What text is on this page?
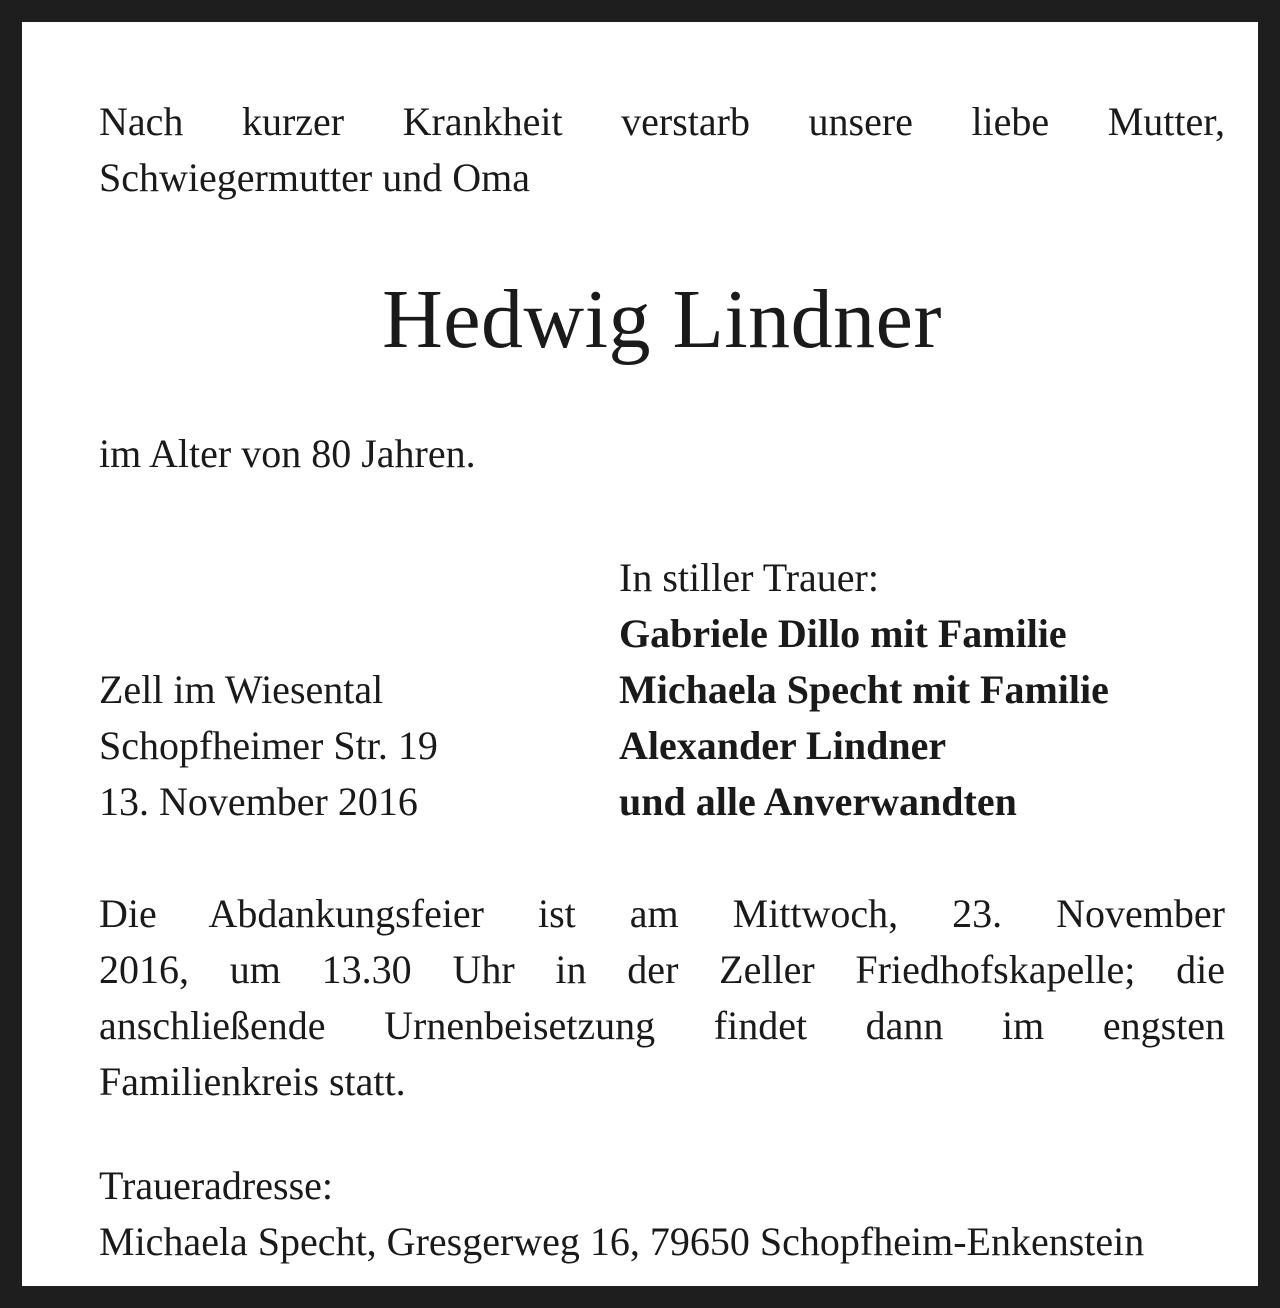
Nach kurzer Krankheit verstarb unsere liebe Mutter,

Schwiegermutter und Oma

Hedwig Lindner

im Alter von 80 Jahren.

In stiller Trauer:
Gabriele Dillo mit Familie
Michaela Specht mit Familie
Alexander Lindner
und alle Anverwandten
Zell im Wiesental
Schopfheimer Str. 19
13. November 2016

Die Abdankungsfeier ist am Mittwoch, 23. November

2016, um 13.30 Uhr in der Zeller Friedhofskapelle; die

anschließende Urnenbeisetzung findet dann im engsten

Familienkreis statt.

Traueradresse:

Michaela Specht, Gresgerweg 16, 79650 Schopfheim-Enkenstein
